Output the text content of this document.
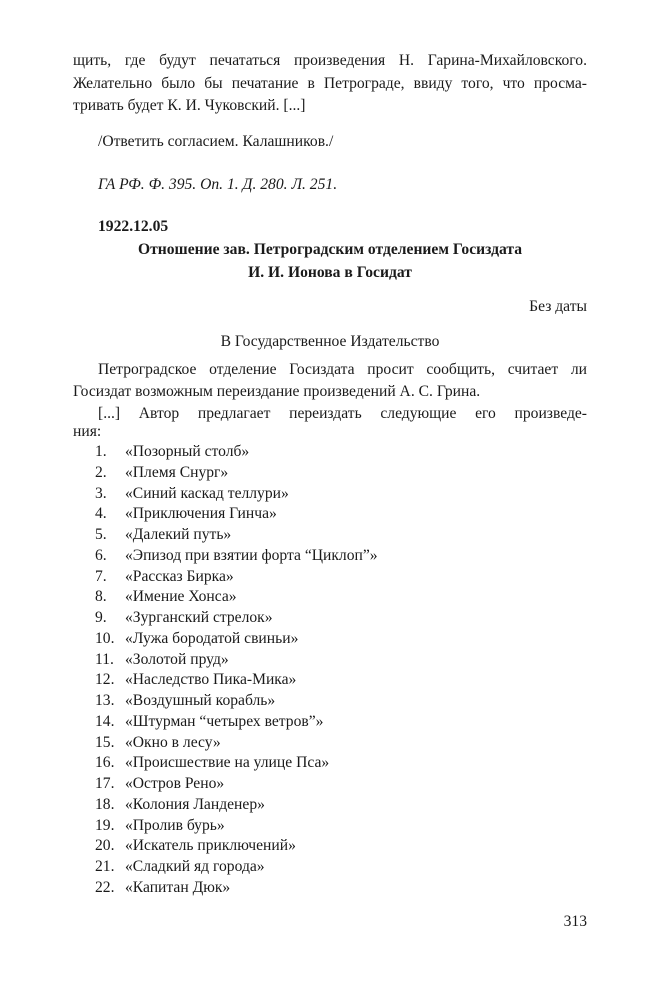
щить, где будут печататься произведения Н. Гарина-Михайловского.
Желательно было бы печатание в Петрограде, ввиду того, что просма-
тривать будет К. И. Чуковский. [...]
/Ответить согласием. Калашников./
ГА РФ. Ф. 395. Оп. 1. Д. 280. Л. 251.
1922.12.05
Отношение зав. Петроградским отделением Госиздата
И. И. Ионова в Госидат
Без даты
В Государственное Издательство
Петроградское отделение Госиздата просит сообщить, считает ли
Госиздат возможным переиздание произведений А. С. Грина.
[...] Автор предлагает переиздать следующие его произведе-
ния:
1. «Позорный столб»
2. «Племя Снург»
3. «Синий каскад теллури»
4. «Приключения Гинча»
5. «Далекий путь»
6. «Эпизод при взятии форта “Циклоп”»
7. «Рассказ Бирка»
8. «Имение Хонса»
9. «Зурганский стрелок»
10. «Лужа бородатой свиньи»
11. «Золотой пруд»
12. «Наследство Пика-Мика»
13. «Воздушный корабль»
14. «Штурман “четырех ветров”»
15. «Окно в лесу»
16. «Происшествие на улице Пса»
17. «Остров Рено»
18. «Колония Ланденер»
19. «Пролив бурь»
20. «Искатель приключений»
21. «Сладкий яд города»
22. «Капитан Дюк»
313
